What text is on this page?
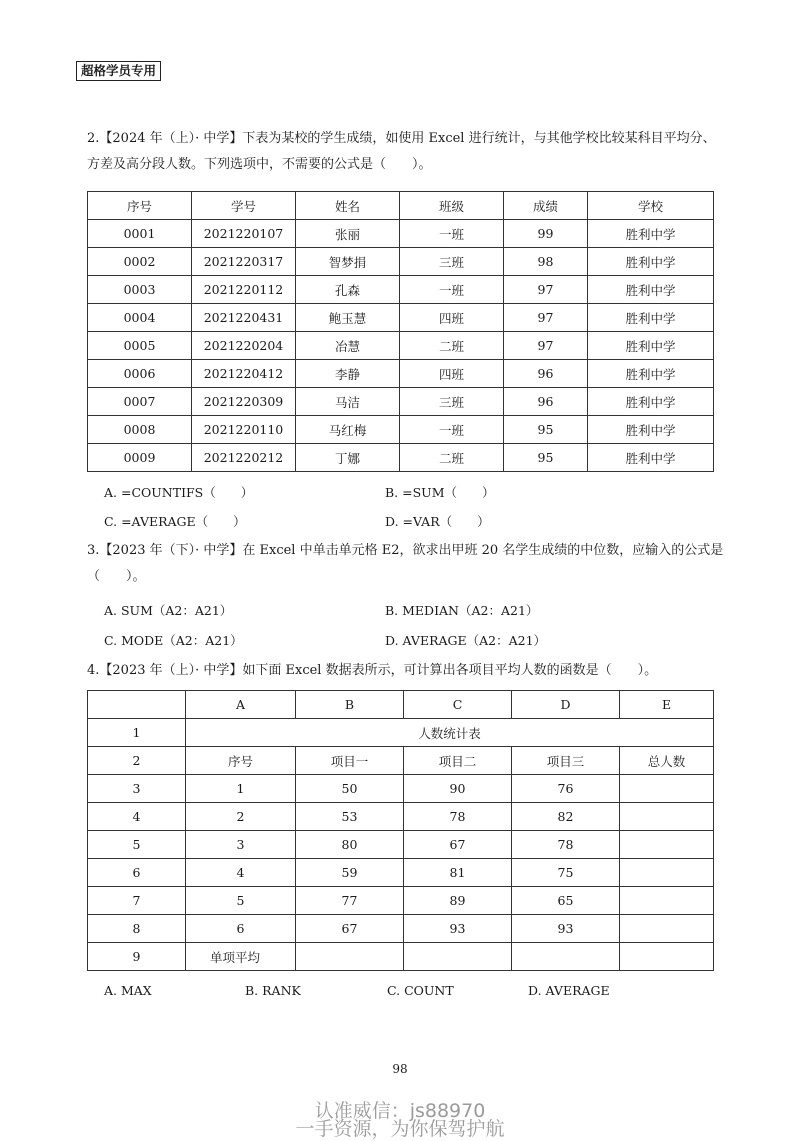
超格学员专用
2.【2024 年（上）· 中学】下表为某校的学生成绩，如使用 Excel 进行统计，与其他学校比较某科目平均分、方差及高分段人数。下列选项中，不需要的公式是（　　）。
序号	学号	姓名	班级	成绩	学校
0001	2021220107	张丽	一班	99	胜利中学
0002	2021220317	智梦捐	三班	98	胜利中学
0003	2021220112	孔森	一班	97	胜利中学
0004	2021220431	鲍玉慧	四班	97	胜利中学
0005	2021220204	冶慧	二班	97	胜利中学
0006	2021220412	李静	四班	96	胜利中学
0007	2021220309	马洁	三班	96	胜利中学
0008	2021220110	马红梅	一班	95	胜利中学
0009	2021220212	丁娜	二班	95	胜利中学
A. =COUNTIFS（　　）	B. =SUM（　　）
C. =AVERAGE（　　）	D. =VAR（　　）
3.【2023 年（下）· 中学】在 Excel 中单击单元格 E2，欲求出甲班 20 名学生成绩的中位数，应输入的公式是（　　）。
A. SUM（A2：A21）	B. MEDIAN（A2：A21）
C. MODE（A2：A21）	D. AVERAGE（A2：A21）
4.【2023 年（上）· 中学】如下面 Excel 数据表所示，可计算出各项目平均人数的函数是（　　）。
	A	B	C	D	E
1	人数统计表				
2	序号	项目一	项目二	项目三	总人数
3	1	50	90	76	
4	2	53	78	82	
5	3	80	67	78	
6	4	59	81	75	
7	5	77	89	65	
8	6	67	93	93	
9	单项平均				
A. MAX	B. RANK	C. COUNT	D. AVERAGE
98
认准威信：js88970
一手资源，为你保驾护航
